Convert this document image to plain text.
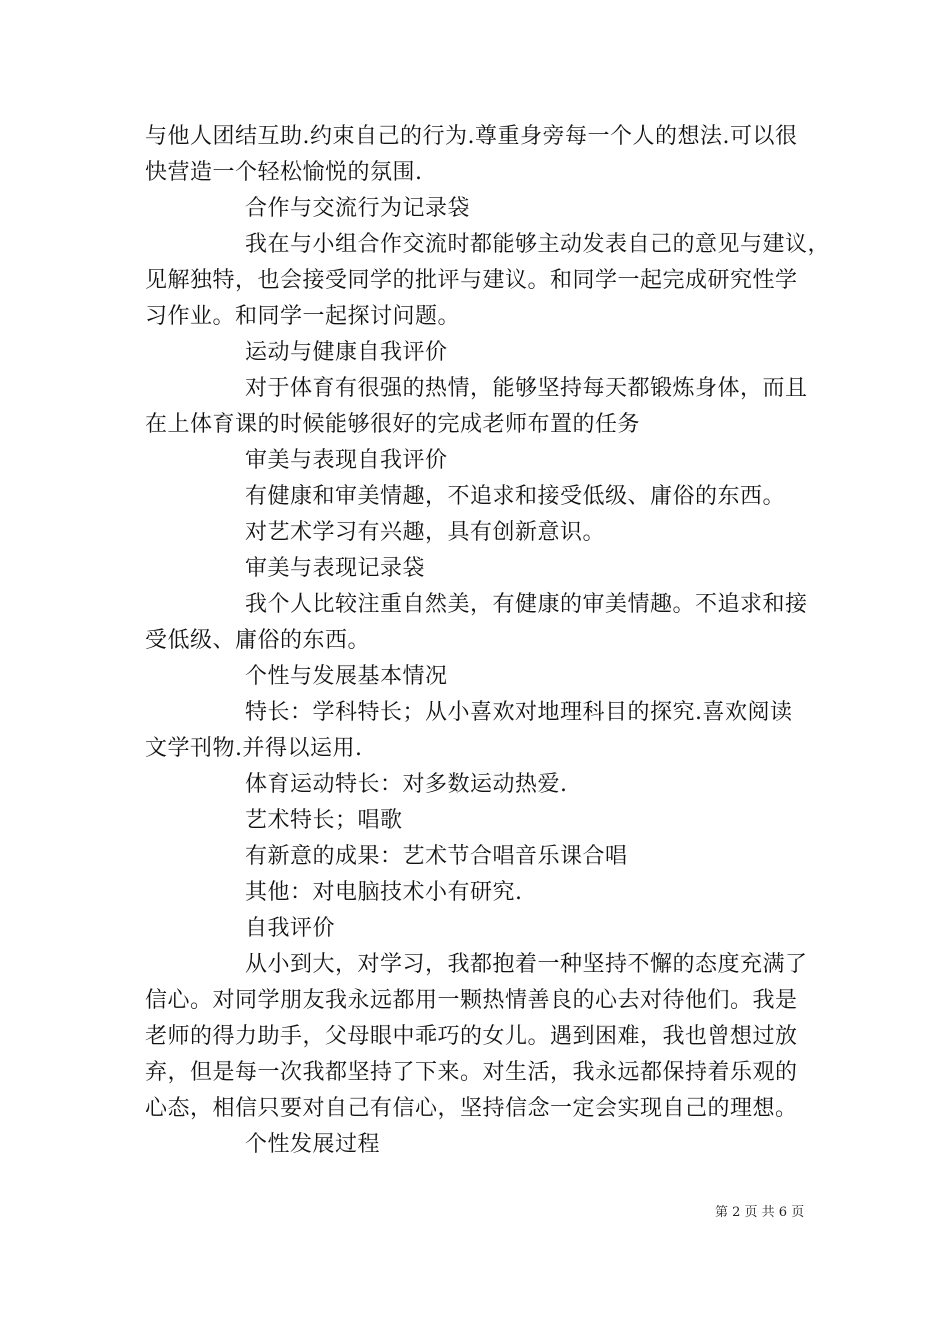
与他人团结互助.约束自己的行为.尊重身旁每一个人的想法.可以很
快营造一个轻松愉悦的氛围.
合作与交流行为记录袋
我在与小组合作交流时都能够主动发表自己的意见与建议，
见解独特，也会接受同学的批评与建议。和同学一起完成研究性学
习作业。和同学一起探讨问题。
运动与健康自我评价
对于体育有很强的热情，能够坚持每天都锻炼身体，而且
在上体育课的时候能够很好的完成老师布置的任务
审美与表现自我评价
有健康和审美情趣，不追求和接受低级、庸俗的东西。
对艺术学习有兴趣，具有创新意识。
审美与表现记录袋
我个人比较注重自然美，有健康的审美情趣。不追求和接
受低级、庸俗的东西。
个性与发展基本情况
特长：学科特长；从小喜欢对地理科目的探究.喜欢阅读
文学刊物.并得以运用.
体育运动特长：对多数运动热爱.
艺术特长；唱歌
有新意的成果：艺术节合唱音乐课合唱
其他：对电脑技术小有研究.
自我评价
从小到大，对学习，我都抱着一种坚持不懈的态度充满了
信心。对同学朋友我永远都用一颗热情善良的心去对待他们。我是
老师的得力助手，父母眼中乖巧的女儿。遇到困难，我也曾想过放
弃，但是每一次我都坚持了下来。对生活，我永远都保持着乐观的
心态，相信只要对自己有信心，坚持信念一定会实现自己的理想。
个性发展过程
第 2 页 共 6 页
